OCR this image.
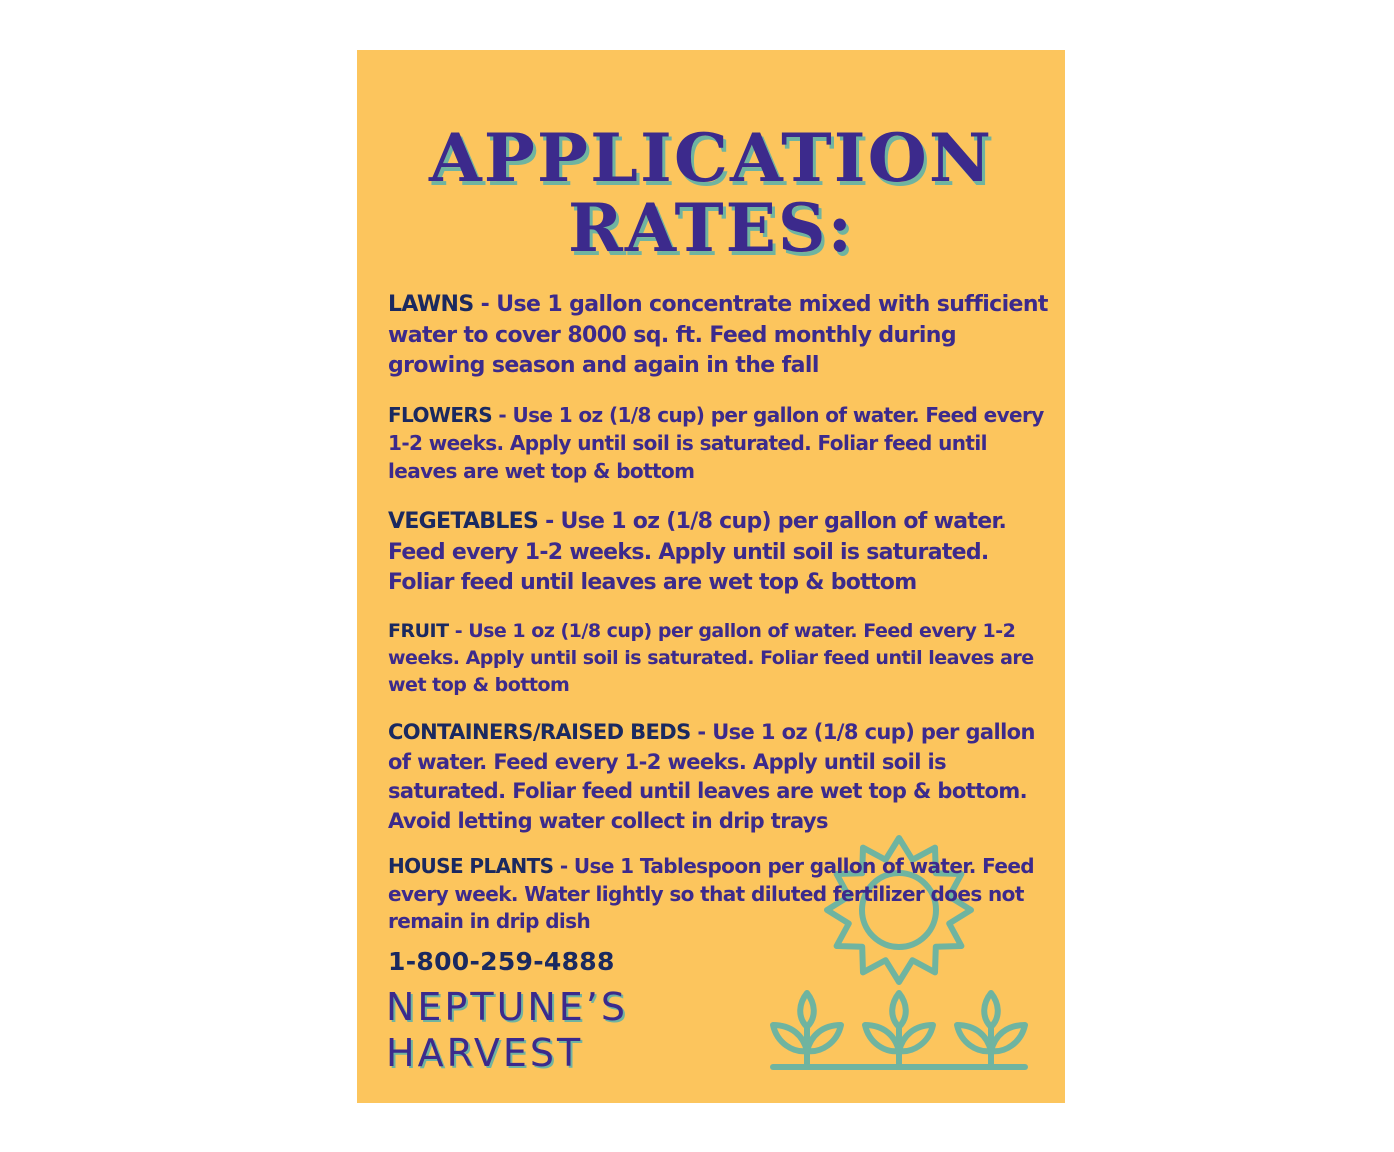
APPLICATION
RATES:
LAWNS - Use 1 gallon concentrate mixed with sufficient water to cover 8000 sq. ft. Feed monthly during growing season and again in the fall
FLOWERS - Use 1 oz (1/8 cup) per gallon of water. Feed every 1-2 weeks. Apply until soil is saturated. Foliar feed until leaves are wet top & bottom
VEGETABLES - Use 1 oz (1/8 cup) per gallon of water. Feed every 1-2 weeks. Apply until soil is saturated. Foliar feed until leaves are wet top & bottom
FRUIT - Use 1 oz (1/8 cup) per gallon of water. Feed every 1-2 weeks. Apply until soil is saturated. Foliar feed until leaves are wet top & bottom
CONTAINERS/RAISED BEDS - Use 1 oz (1/8 cup) per gallon of water. Feed every 1-2 weeks. Apply until soil is saturated. Foliar feed until leaves are wet top & bottom. Avoid letting water collect in drip trays
HOUSE PLANTS - Use 1 Tablespoon per gallon of water. Feed every week. Water lightly so that diluted fertilizer does not remain in drip dish
1-800-259-4888
NEPTUNE’S
HARVEST
